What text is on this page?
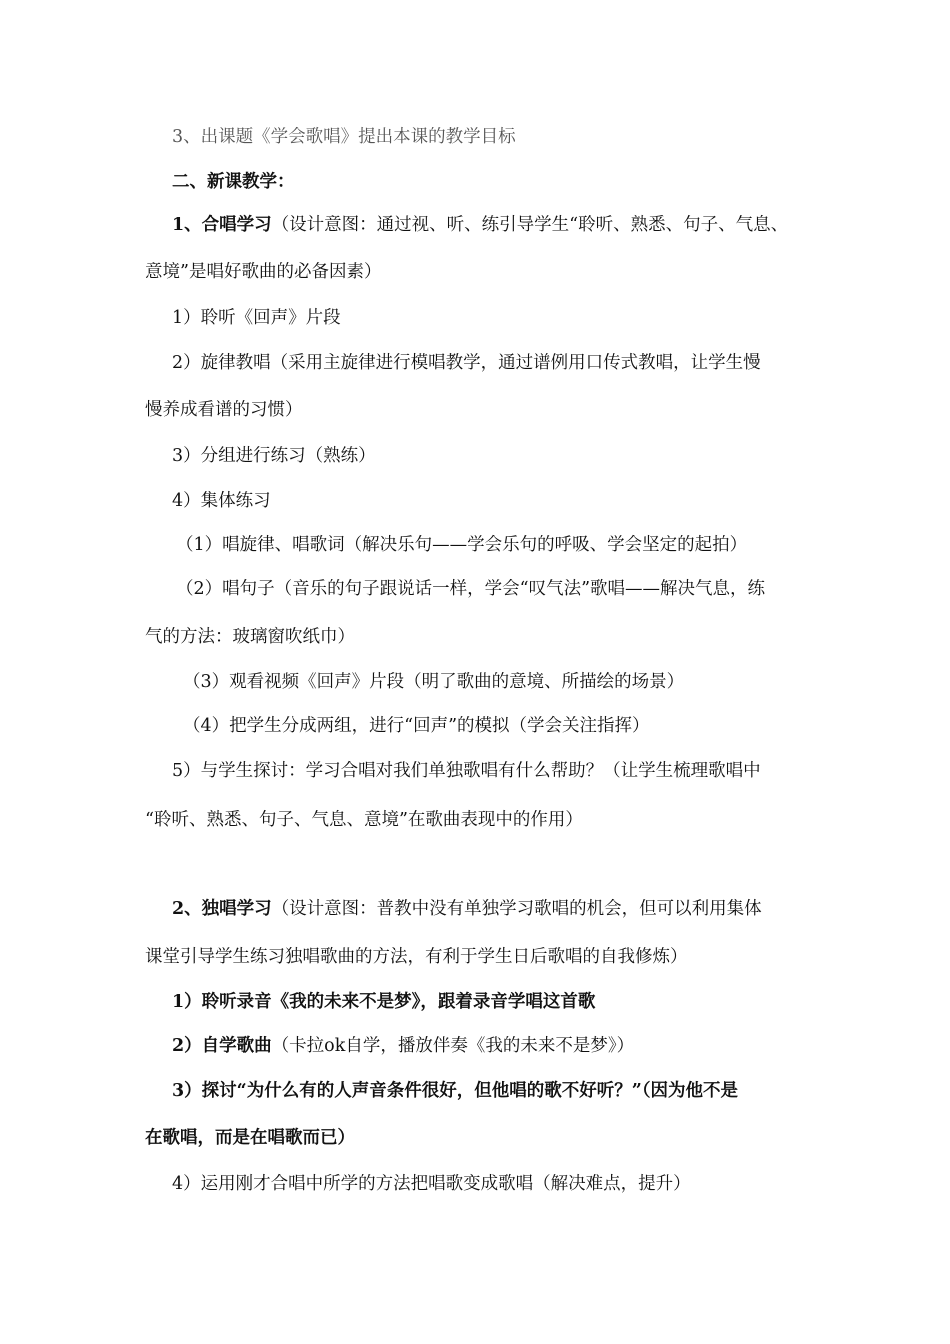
3、出课题《学会歌唱》提出本课的教学目标
二、新课教学：
1、合唱学习（设计意图：通过视、听、练引导学生“聆听、熟悉、句子、气息、
意境”是唱好歌曲的必备因素）
1）聆听《回声》片段
2）旋律教唱（采用主旋律进行模唱教学，通过谱例用口传式教唱，让学生慢
慢养成看谱的习惯）
3）分组进行练习（熟练）
4）集体练习
（1）唱旋律、唱歌词（解决乐句——学会乐句的呼吸、学会坚定的起拍）
（2）唱句子（音乐的句子跟说话一样，学会“叹气法”歌唱——解决气息，练
气的方法：玻璃窗吹纸巾）
（3）观看视频《回声》片段（明了歌曲的意境、所描绘的场景）
（4）把学生分成两组，进行“回声”的模拟（学会关注指挥）
5）与学生探讨：学习合唱对我们单独歌唱有什么帮助？（让学生梳理歌唱中
“聆听、熟悉、句子、气息、意境”在歌曲表现中的作用）
2、独唱学习（设计意图：普教中没有单独学习歌唱的机会，但可以利用集体
课堂引导学生练习独唱歌曲的方法，有利于学生日后歌唱的自我修炼）
1）聆听录音《我的未来不是梦》，跟着录音学唱这首歌
2）自学歌曲（卡拉ok自学，播放伴奏《我的未来不是梦》）
3）探讨“为什么有的人声音条件很好，但他唱的歌不好听？”（因为他不是
在歌唱，而是在唱歌而已）
4）运用刚才合唱中所学的方法把唱歌变成歌唱（解决难点，提升）
